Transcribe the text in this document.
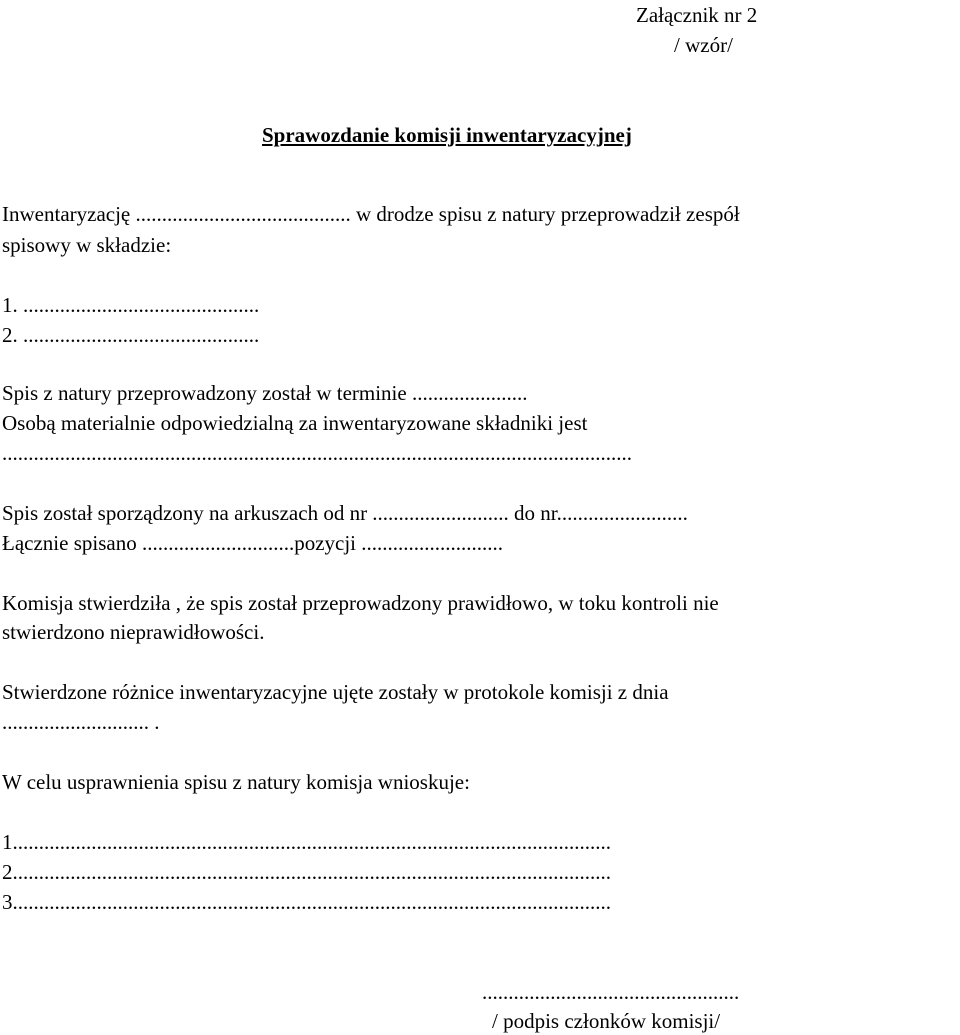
Załącznik nr 2
/ wzór/
Sprawozdanie komisji inwentaryzacyjnej
Inwentaryzację ......................................... w drodze spisu z natury przeprowadził zespół
spisowy w składzie:
1. .............................................
2. .............................................
Spis z natury przeprowadzony został w terminie ......................
Osobą materialnie odpowiedzialną za inwentaryzowane składniki jest
........................................................................................................................
Spis został sporządzony na arkuszach od nr .......................... do nr.........................
Łącznie spisano .............................pozycji ...........................
Komisja stwierdziła , że spis został przeprowadzony prawidłowo, w toku kontroli nie
stwierdzono nieprawidłowości.
Stwierdzone różnice inwentaryzacyjne ujęte zostały w protokole komisji z dnia
............................ .
W celu usprawnienia spisu z natury komisja wnioskuje:
1..................................................................................................................
2..................................................................................................................
3..................................................................................................................
.................................................
/ podpis członków komisji/
